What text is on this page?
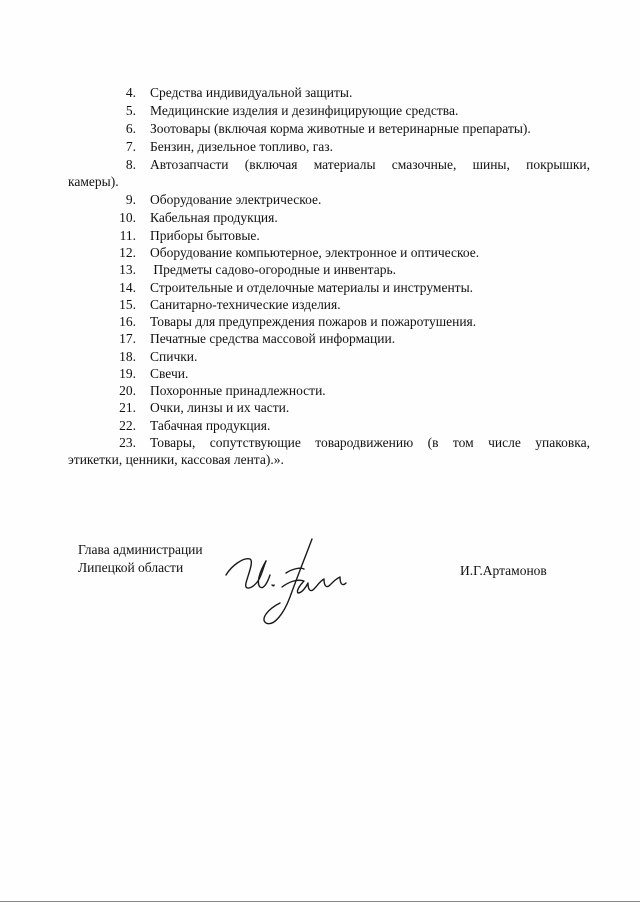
4. Средства индивидуальной защиты.
5. Медицинские изделия и дезинфицирующие средства.
6. Зоотовары (включая корма животные и ветеринарные препараты).
7. Бензин, дизельное топливо, газ.
8. Автозапчасти (включая материалы смазочные, шины, покрышки,
камеры).
9. Оборудование электрическое.
10. Кабельная продукция.
11. Приборы бытовые.
12. Оборудование компьютерное, электронное и оптическое.
13. Предметы садово-огородные и инвентарь.
14. Строительные и отделочные материалы и инструменты.
15. Санитарно-технические изделия.
16. Товары для предупреждения пожаров и пожаротушения.
17. Печатные средства массовой информации.
18. Спички.
19. Свечи.
20. Похоронные принадлежности.
21. Очки, линзы и их части.
22. Табачная продукция.
23. Товары, сопутствующие товародвижению (в том числе упаковка,
этикетки, ценники, кассовая лента).».
Глава администрации
Липецкой области	И.Г.Артамонов
